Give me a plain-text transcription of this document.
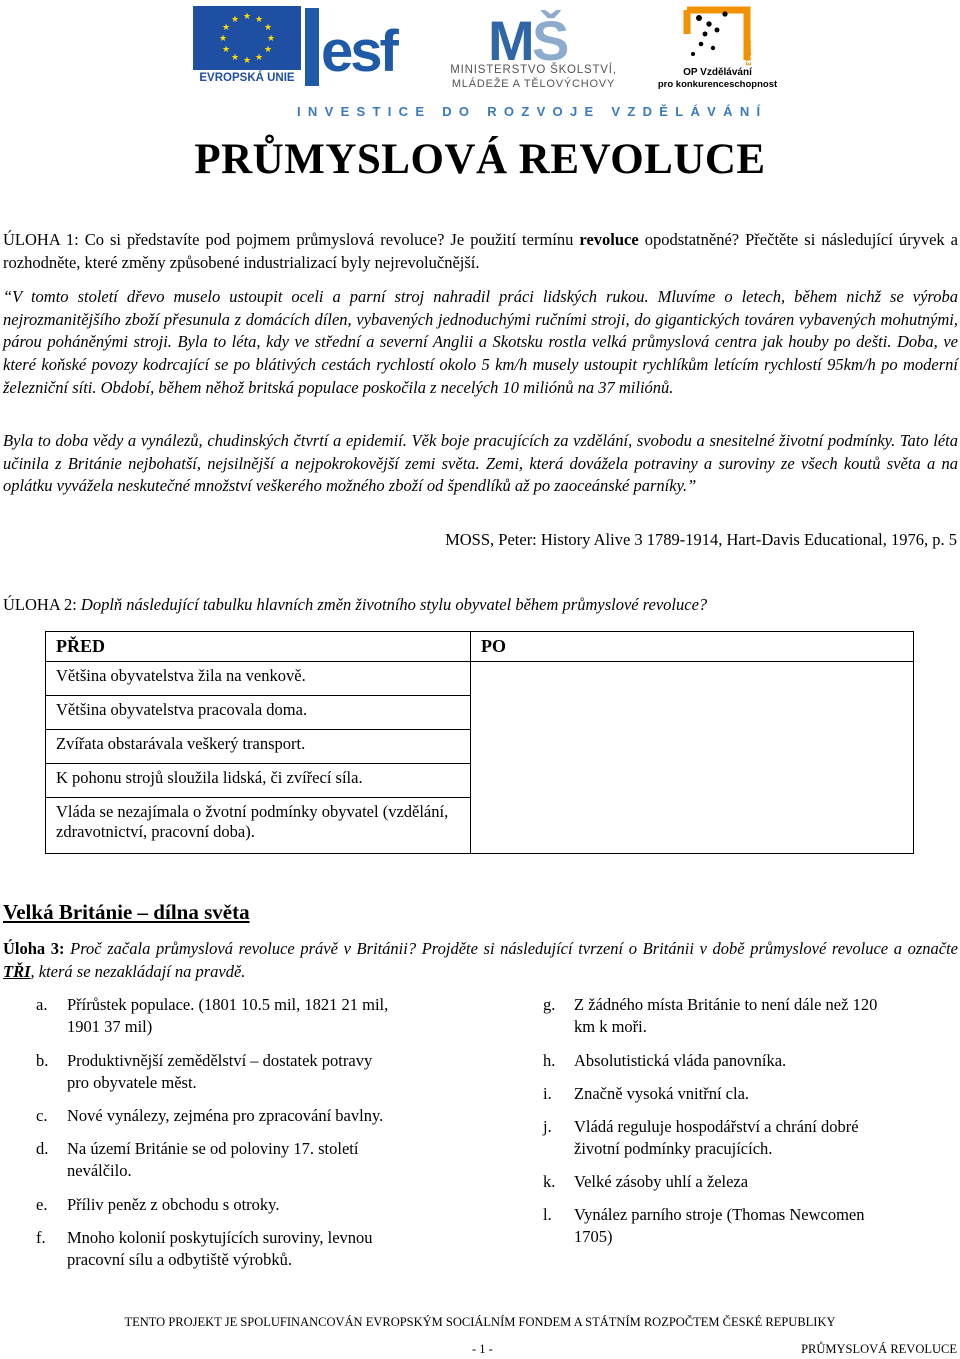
★ ★
★
★
★
★
★
★
★
★
★
★
EVROPSKÁ UNIE esf M
Š
MINISTERSTVO ŠKOLSTVÍ,
MLÁDEŽE A TĚLOVÝCHOVY
2007-13
OP Vzdělávání
pro konkurenceschopnost
INVESTICE DO ROZVOJE VZDĚLÁVÁNÍ
PRŮMYSLOVÁ REVOLUCE
ÚLOHA 1: Co si představíte pod pojmem průmyslová revoluce? Je použití termínu revoluce opodstatněné? Přečtěte si následující úryvek a rozhodněte, které změny způsobené industrializací byly nejrevolučnější.
“V tomto století dřevo muselo ustoupit oceli a parní stroj nahradil práci lidských rukou. Mluvíme o letech, během nichž se výroba nejrozmanitějšího zboží přesunula z domácích dílen, vybavených jednoduchými ručními stroji, do gigantických továren vybavených mohutnými, párou poháněnými stroji. Byla to léta, kdy ve střední a severní Anglii a Skotsku rostla velká průmyslová centra jak houby po dešti. Doba, ve které koňské povozy kodrcající se po blátivých cestách rychlostí okolo 5 km/h musely ustoupit rychlíkům letícím rychlostí 95km/h po moderní železniční síti. Období, během něhož britská populace poskočila z necelých 10 miliónů na 37 miliónů.
Byla to doba vědy a vynálezů, chudinských čtvrtí a epidemií. Věk boje pracujících za vzdělání, svobodu a snesitelné životní podmínky. Tato léta učinila z Británie nejbohatší, nejsilnější a nejpokrokovější zemi světa. Zemi, která dovážela potraviny a suroviny ze všech koutů světa a na oplátku vyvážela neskutečné množství veškerého možného zboží od špendlíků až po zaoceánské parníky.”
MOSS, Peter: History Alive 3 1789-1914, Hart-Davis Educational, 1976, p. 5
ÚLOHA 2: Doplň následující tabulku hlavních změn životního stylu obyvatel během průmyslové revoluce?
PŘED	PO
Většina obyvatelstva žila na venkově.	
Většina obyvatelstva pracovala doma.	
Zvířata obstarávala veškerý transport.	
K pohonu strojů sloužila lidská, či zvířecí síla.	
Vláda se nezajímala o žvotní podmínky obyvatel (vzdělání, zdravotnictví, pracovní doba).	
Velká Británie – dílna světa
Úloha 3: Proč začala průmyslová revoluce právě v Británii? Projděte si následující tvrzení o Británii v době průmyslové revoluce a označte TŘI, která se nezakládají na pravdě.
a. Přírůstek populace. (1801 10.5 mil, 1821 21 mil,
1901 37 mil)
b. Produktivnější zemědělství – dostatek potravy
pro obyvatele měst.
c. Nové vynálezy, zejména pro zpracování bavlny.
d. Na území Británie se od poloviny 17. století
neválčilo.
e. Příliv peněz z obchodu s otroky.
f. Mnoho kolonií poskytujících suroviny, levnou
pracovní sílu a odbytiště výrobků.
g. Z žádného místa Británie to není dále než 120
km k moři.
h. Absolutistická vláda panovníka.
i. Značně vysoká vnitřní cla.
j. Vládá reguluje hospodářství a chrání dobré
životní podmínky pracujících.
k. Velké zásoby uhlí a železa
l. Vynález parního stroje (Thomas Newcomen
1705)
TENTO PROJEKT JE SPOLUFINANCOVÁN EVROPSKÝM SOCIÁLNÍM FONDEM A STÁTNÍM ROZPOČTEM ČESKÉ REPUBLIKY
- 1 -	PRŮMYSLOVÁ REVOLUCE
